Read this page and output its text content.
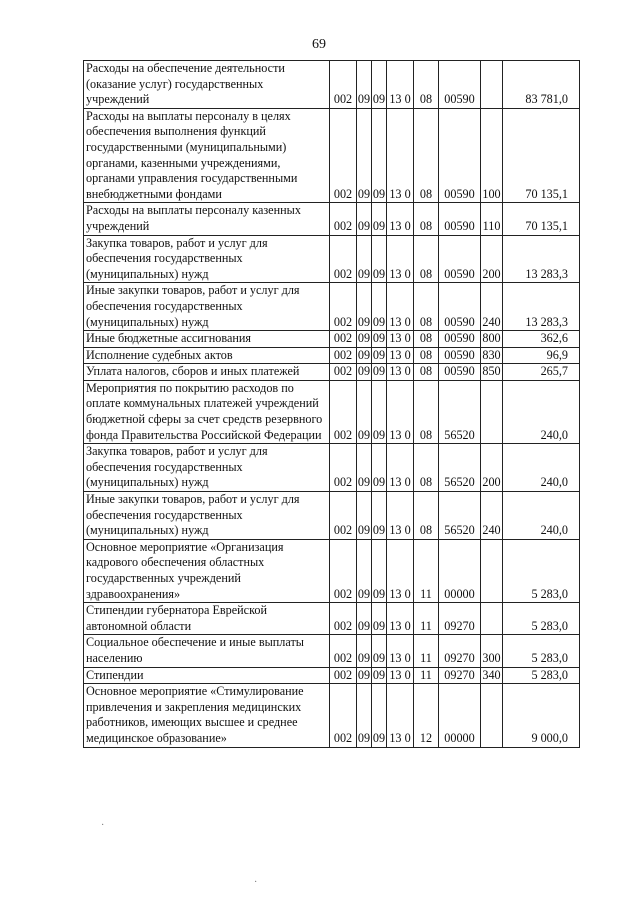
69
Расходы на обеспечение деятельности (оказание услуг) государственных учреждений	002	09	09	13 0	08	00590		83 781,0
Расходы на выплаты персоналу в целях обеспечения выполнения функций государственными (муниципальными) органами, казенными учреждениями, органами управления государственными внебюджетными фондами	002	09	09	13 0	08	00590	100	70 135,1
Расходы на выплаты персоналу казенных учреждений	002	09	09	13 0	08	00590	110	70 135,1
Закупка товаров, работ и услуг для обеспечения государственных (муниципальных) нужд	002	09	09	13 0	08	00590	200	13 283,3
Иные закупки товаров, работ и услуг для обеспечения государственных (муниципальных) нужд	002	09	09	13 0	08	00590	240	13 283,3
Иные бюджетные ассигнования	002	09	09	13 0	08	00590	800	362,6
Исполнение судебных актов	002	09	09	13 0	08	00590	830	96,9
Уплата налогов, сборов и иных платежей	002	09	09	13 0	08	00590	850	265,7
Мероприятия по покрытию расходов по оплате коммунальных платежей учреждений бюджетной сферы за счет средств резервного фонда Правительства Российской Федерации	002	09	09	13 0	08	56520		240,0
Закупка товаров, работ и услуг для обеспечения государственных (муниципальных) нужд	002	09	09	13 0	08	56520	200	240,0
Иные закупки товаров, работ и услуг для обеспечения государственных (муниципальных) нужд	002	09	09	13 0	08	56520	240	240,0
Основное мероприятие «Организация кадрового обеспечения областных государственных учреждений здравоохранения»	002	09	09	13 0	11	00000		5 283,0
Стипендии губернатора Еврейской автономной области	002	09	09	13 0	11	09270		5 283,0
Социальное обеспечение и иные выплаты населению	002	09	09	13 0	11	09270	300	5 283,0
Стипендии	002	09	09	13 0	11	09270	340	5 283,0
Основное мероприятие «Стимулирование привлечения и закрепления медицинских работников, имеющих высшее и среднее медицинское образование»	002	09	09	13 0	12	00000		9 000,0
·
·
